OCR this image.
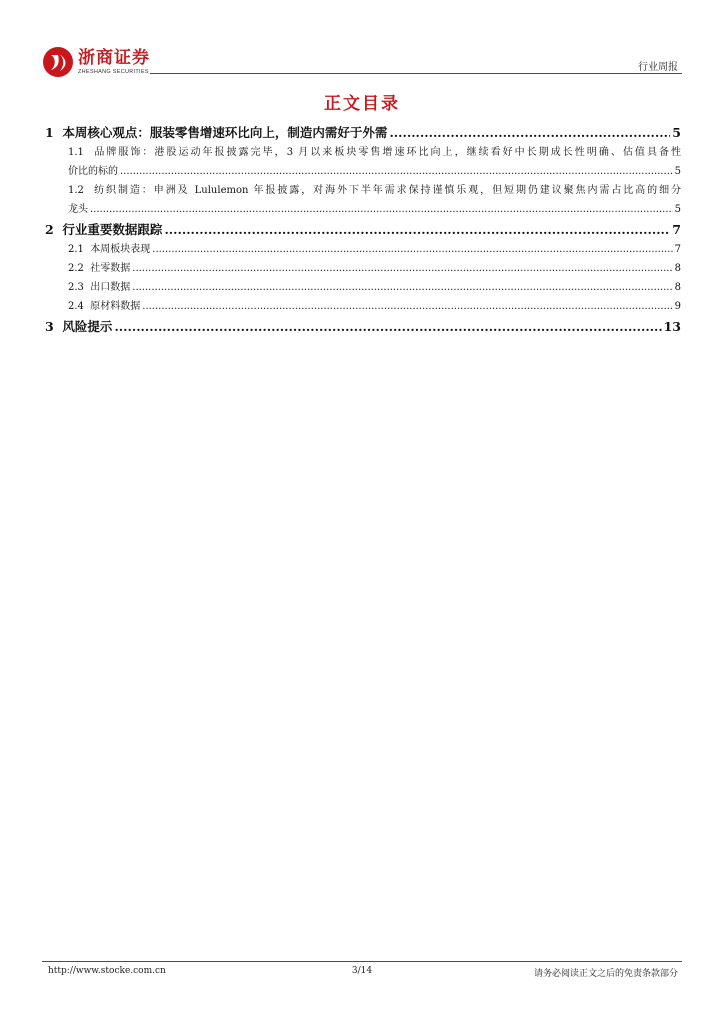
浙商证券
ZHESHANG SECURITIES	行业周报
正文目录
1 本周核心观点：服装零售增速环比向上，制造内需好于外需 .....	5
1.1 品牌服饰：港股运动年报披露完毕，3 月以来板块零售增速环比向上，继续看好中长期成长性明确、估值具备性
价比的标的 .....	5
1.2 纺织制造：申洲及 Lululemon 年报披露，对海外下半年需求保持谨慎乐观，但短期仍建议聚焦内需占比高的细分
龙头 .....	5
2 行业重要数据跟踪 .....	7
2.1 本周板块表现 .....	7
2.2 社零数据 .....	8
2.3 出口数据 .....	8
2.4 原材料数据 .....	9
3 风险提示 .....	13
http://www.stocke.com.cn	3/14	请务必阅读正文之后的免责条款部分
